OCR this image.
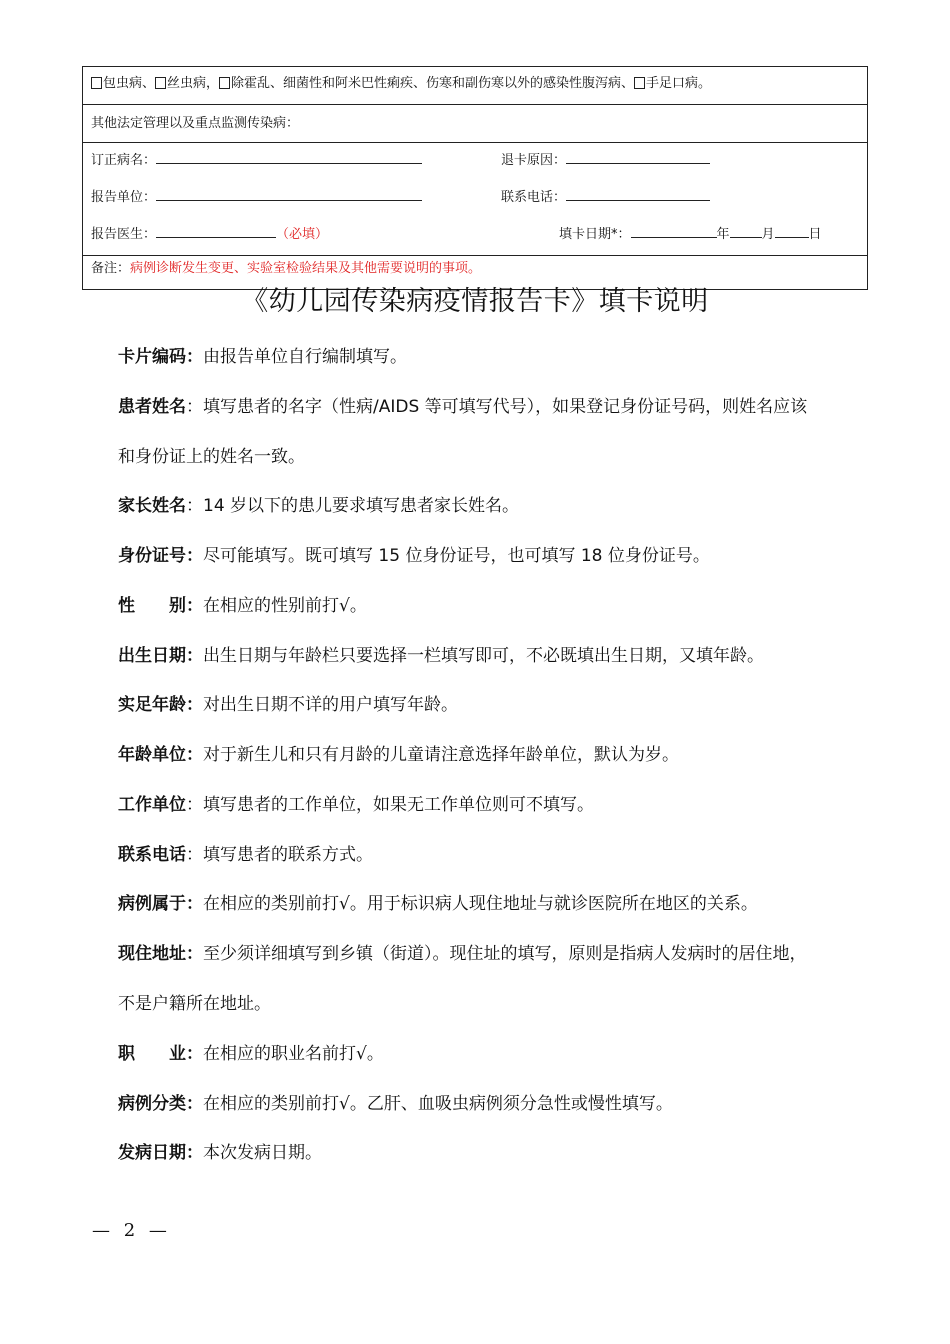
包虫病、 丝虫病， 除霍乱、细菌性和阿米巴性痢疾、伤寒和副伤寒以外的感染性腹泻病、 手足口病。
其他法定管理以及重点监测传染病：
订正病名：	退卡原因：
报告单位：	联系电话：
报告医生：	（必填）	填卡日期*：	年 月	日
备注：病例诊断发生变更、实验室检验结果及其他需要说明的事项。
《幼儿园传染病疫情报告卡》填卡说明
卡片编码：由报告单位自行编制填写。
患者姓名：填写患者的名字（性病/AIDS 等可填写代号），如果登记身份证号码，则姓名应该
和身份证上的姓名一致。
家长姓名：14 岁以下的患儿要求填写患者家长姓名。
身份证号：尽可能填写。既可填写 15 位身份证号，也可填写 18 位身份证号。
性　　别：在相应的性别前打√。
出生日期：出生日期与年龄栏只要选择一栏填写即可，不必既填出生日期，又填年龄。
实足年龄：对出生日期不详的用户填写年龄。
年龄单位：对于新生儿和只有月龄的儿童请注意选择年龄单位，默认为岁。
工作单位：填写患者的工作单位，如果无工作单位则可不填写。
联系电话：填写患者的联系方式。
病例属于：在相应的类别前打√。用于标识病人现住地址与就诊医院所在地区的关系。
现住地址：至少须详细填写到乡镇（街道）。现住址的填写，原则是指病人发病时的居住地，
不是户籍所在地址。
职　　业：在相应的职业名前打√。
病例分类：在相应的类别前打√。乙肝、血吸虫病例须分急性或慢性填写。
发病日期：本次发病日期。
— 2 —
